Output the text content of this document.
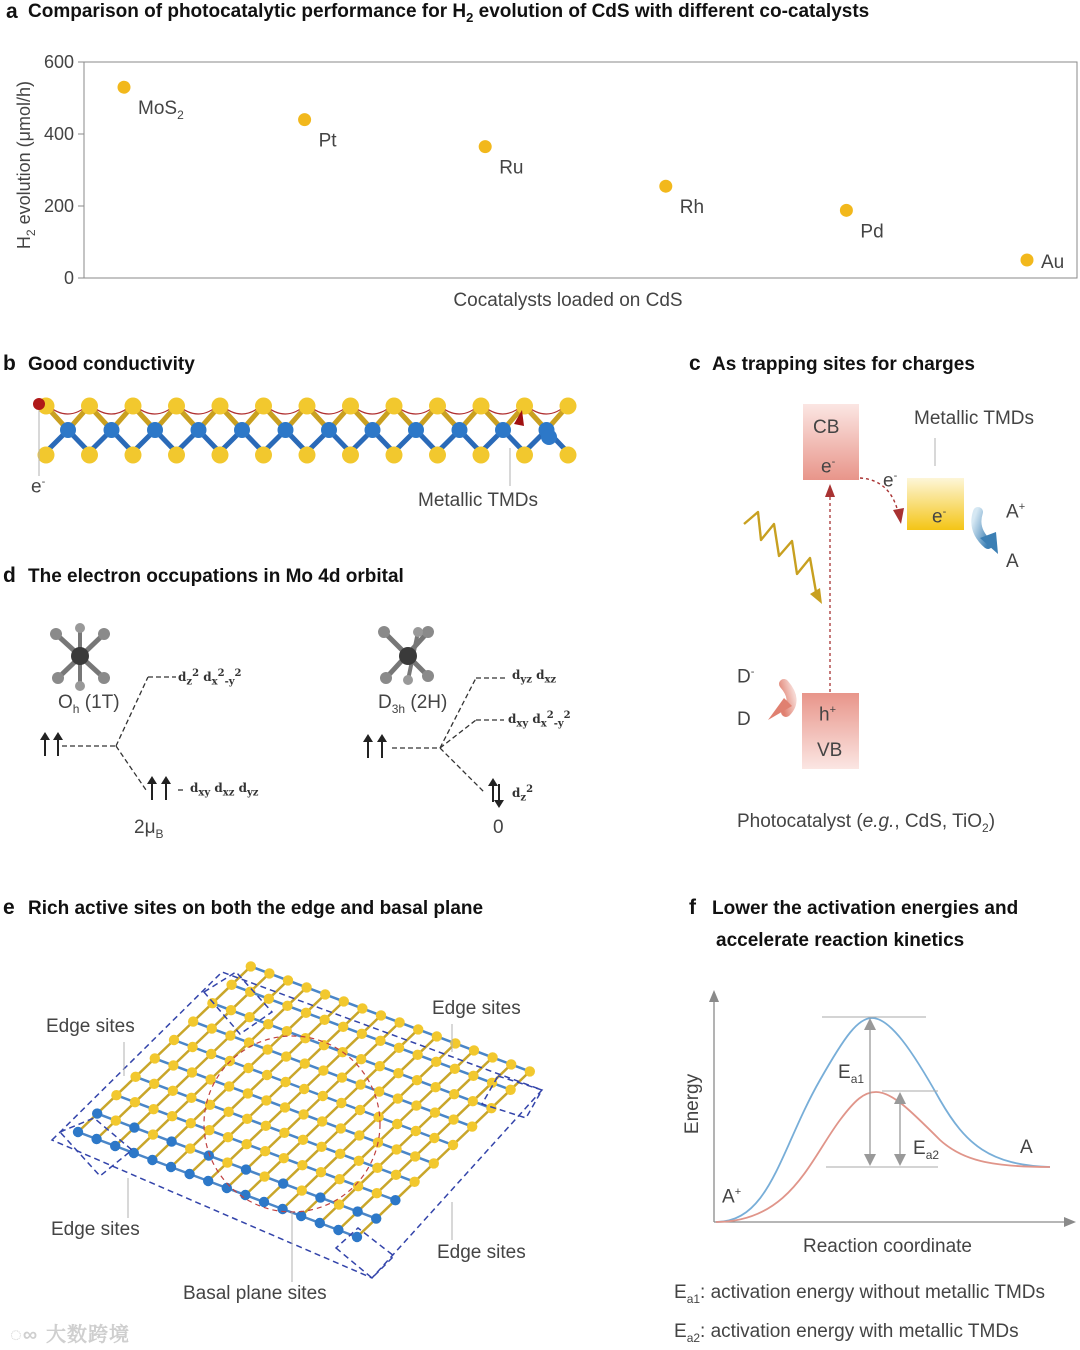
a Comparison of photocatalytic performance for $H_2$ evolution of CdS with different co-catalysts
0
200
400
600
MoS$_2$
Pt
Ru
Rh
Pd
Au
$H_2$ evolution (μmol/h)
Cocatalysts loaded on CdS
b Good conductivity
e-
Metallic TMDs
c As trapping sites for charges
CB
e-
Metallic TMDs
e-
e-	A+
A
D-
D	h+
VB
Photocatalyst (e.g., CdS, TiO$_2$)
d The electron occupations in Mo 4d orbital
$d_z^2$ $d_x^2_{-y}^2$
$d_{xy}$ $d_{xz}$ $d_{yz}$
$d_{yz}$ $d_{xz}$
$d_{xy}$ $d_x^2_{-y}^2$
$d_z^2$
$O_h$ (1T)	$D_{3h}$ (2H)
$2\mu_B$	0
e Rich active sites on both the edge and basal plane
Edge sites
Edge sites
Edge sites
Edge sites
Basal plane sites
f Lower the activation energies and
accelerate reaction kinetics
Energy
$E_{a1}$
$E_{a2}$
A+
A
Reaction coordinate
$E_{a1}$: activation energy without metallic TMDs
$E_{a2}$: activation energy with metallic TMDs
◌∞ 大数跨境
